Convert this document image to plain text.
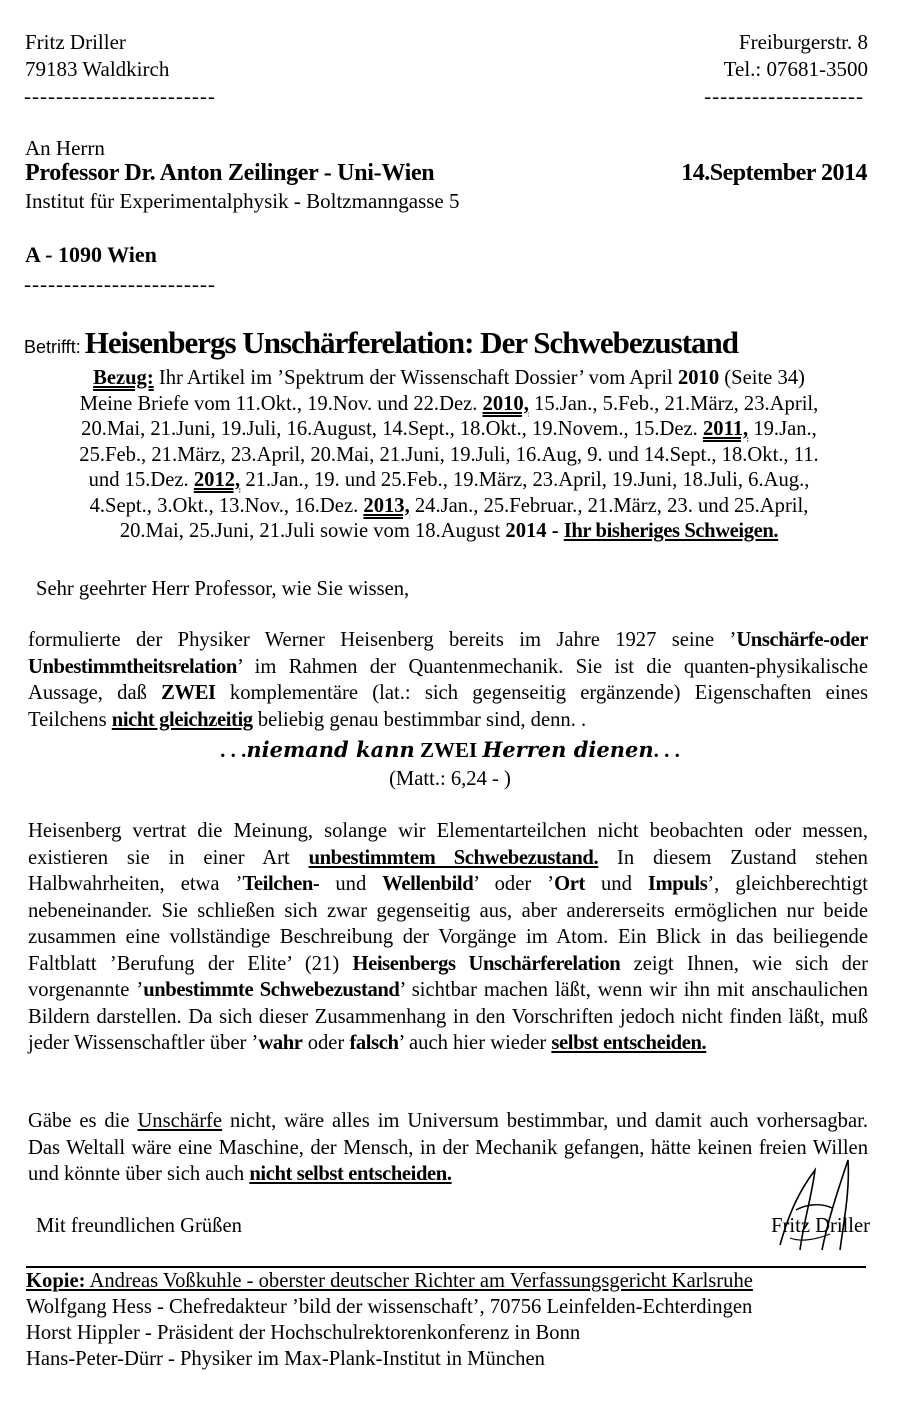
Fritz Driller
79183 Waldkirch
------------------------
Freiburgerstr. 8
Tel.: 07681-3500
--------------------
An Herrn
Professor Dr. Anton Zeilinger - Uni-Wien	14.September 2014
Institut für Experimentalphysik - Boltzmanngasse 5
A - 1090 Wien
------------------------
Betrifft: Heisenbergs Unschärferelation: Der Schwebezustand
Bezug: Ihr Artikel im ’Spektrum der Wissenschaft Dossier’ vom April 2010 (Seite 34)
Meine Briefe vom 11.Okt., 19.Nov. und 22.Dez. 2010, 15.Jan., 5.Feb., 21.März, 23.April,
20.Mai, 21.Juni, 19.Juli, 16.August, 14.Sept., 18.Okt., 19.Novem., 15.Dez. 2011, 19.Jan.,
25.Feb., 21.März, 23.April, 20.Mai, 21.Juni, 19.Juli, 16.Aug, 9. und 14.Sept., 18.Okt., 11.
und 15.Dez. 2012, 21.Jan., 19. und 25.Feb., 19.März, 23.April, 19.Juni, 18.Juli, 6.Aug.,
4.Sept., 3.Okt., 13.Nov., 16.Dez. 2013, 24.Jan., 25.Februar., 21.März, 23. und 25.April,
20.Mai, 25.Juni, 21.Juli sowie vom 18.August 2014 - Ihr bisheriges Schweigen.
Sehr geehrter Herr Professor, wie Sie wissen,

formulierte der Physiker Werner Heisenberg bereits im Jahre 1927 seine ’Unschärfe-oder Unbestimmtheitsrelation’ im Rahmen der Quantenmechanik. Sie ist die quanten-physikalische Aussage, daß ZWEI komplementäre (lat.: sich gegenseitig ergänzende) Eigenschaften eines Teilchens nicht gleichzeitig beliebig genau bestimmbar sind, denn. .

. . .niemand kann ZWEI Herren dienen. . .
(Matt.: 6,24 - )

Heisenberg vertrat die Meinung, solange wir Elementarteilchen nicht beobachten oder messen, existieren sie in einer Art unbestimmtem Schwebezustand. In diesem Zustand stehen Halbwahrheiten, etwa ’Teilchen- und Wellenbild’ oder ’Ort und Impuls’, gleichberechtigt nebeneinander. Sie schließen sich zwar gegenseitig aus, aber andererseits ermöglichen nur beide zusammen eine vollständige Beschreibung der Vorgänge im Atom. Ein Blick in das beiliegende Faltblatt ’Berufung der Elite’ (21) Heisenbergs Unschärferelation zeigt Ihnen, wie sich der vorgenannte ’unbestimmte Schwebezustand’ sichtbar machen läßt, wenn wir ihn mit anschaulichen Bildern darstellen. Da sich dieser Zusammenhang in den Vorschriften jedoch nicht finden läßt, muß jeder Wissenschaftler über ’wahr oder falsch’ auch hier wieder selbst entscheiden.

Gäbe es die Unschärfe nicht, wäre alles im Universum bestimmbar, und damit auch vorhersagbar. Das Weltall wäre eine Maschine, der Mensch, in der Mechanik gefangen, hätte keinen freien Willen und könnte über sich auch nicht selbst entscheiden.

Mit freundlichen Grüßen	Fritz Driller
Kopie: Andreas Voßkuhle - oberster deutscher Richter am Verfassungsgericht Karlsruhe
Wolfgang Hess - Chefredakteur ’bild der wissenschaft’, 70756 Leinfelden-Echterdingen
Horst Hippler - Präsident der Hochschulrektorenkonferenz in Bonn
Hans-Peter-Dürr - Physiker im Max-Plank-Institut in München
